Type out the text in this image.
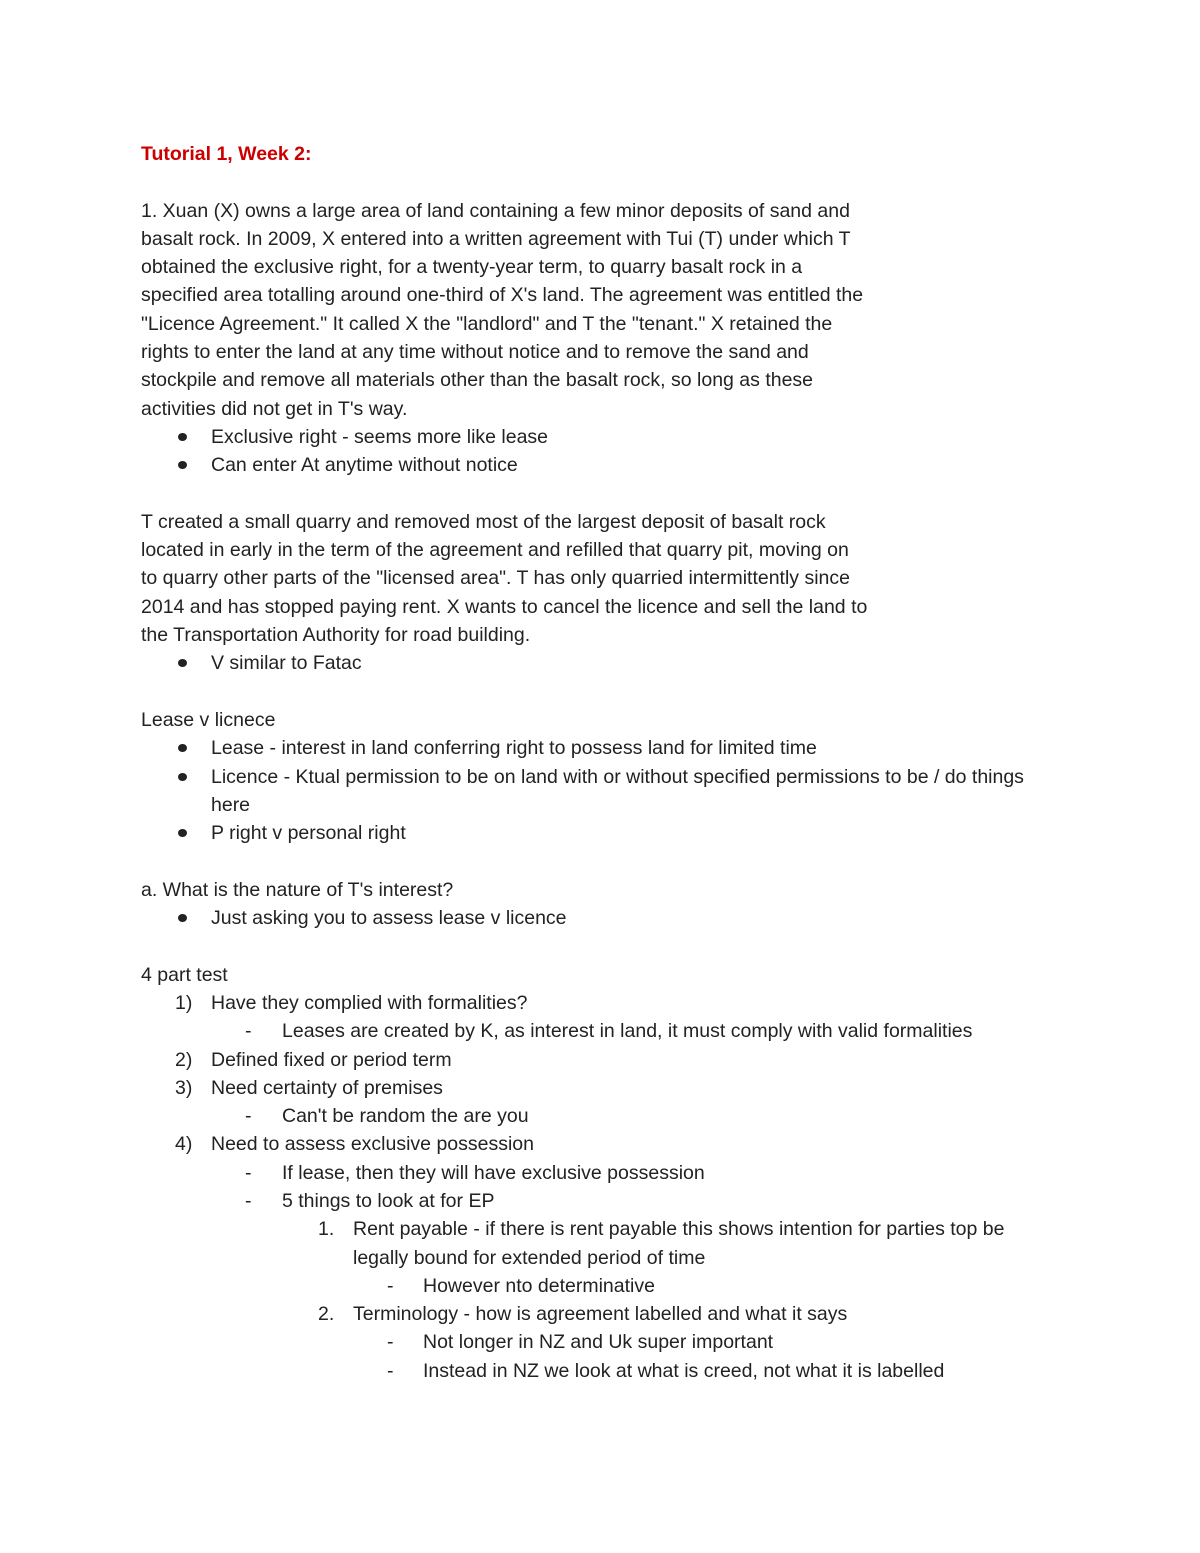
Tutorial 1, Week 2:

1. Xuan (X) owns a large area of land containing a few minor deposits of sand and

basalt rock. In 2009, X entered into a written agreement with Tui (T) under which T

obtained the exclusive right, for a twenty-year term, to quarry basalt rock in a

specified area totalling around one-third of X's land. The agreement was entitled the

"Licence Agreement." It called X the "landlord" and T the "tenant." X retained the

rights to enter the land at any time without notice and to remove the sand and

stockpile and remove all materials other than the basalt rock, so long as these

activities did not get in T's way.

Exclusive right - seems more like lease
Can enter At anytime without notice

T created a small quarry and removed most of the largest deposit of basalt rock

located in early in the term of the agreement and refilled that quarry pit, moving on

to quarry other parts of the "licensed area". T has only quarried intermittently since

2014 and has stopped paying rent. X wants to cancel the licence and sell the land to

the Transportation Authority for road building.

V similar to Fatac

Lease v licnece

Lease - interest in land conferring right to possess land for limited time
Licence - Ktual permission to be on land with or without specified permissions to be / do things here
P right v personal right

a. What is the nature of T's interest?

Just asking you to assess lease v licence

4 part test

1) Have they complied with formalities?
- Leases are created by K, as interest in land, it must comply with valid formalities
2) Defined fixed or period term
3) Need certainty of premises
- Can't be random the are you
4) Need to assess exclusive possession
- If lease, then they will have exclusive possession
- 5 things to look at for EP
1. Rent payable - if there is rent payable this shows intention for parties top be legally bound for extended period of time
- However nto determinative
2. Terminology - how is agreement labelled and what it says
- Not longer in NZ and Uk super important
- Instead in NZ we look at what is creed, not what it is labelled
